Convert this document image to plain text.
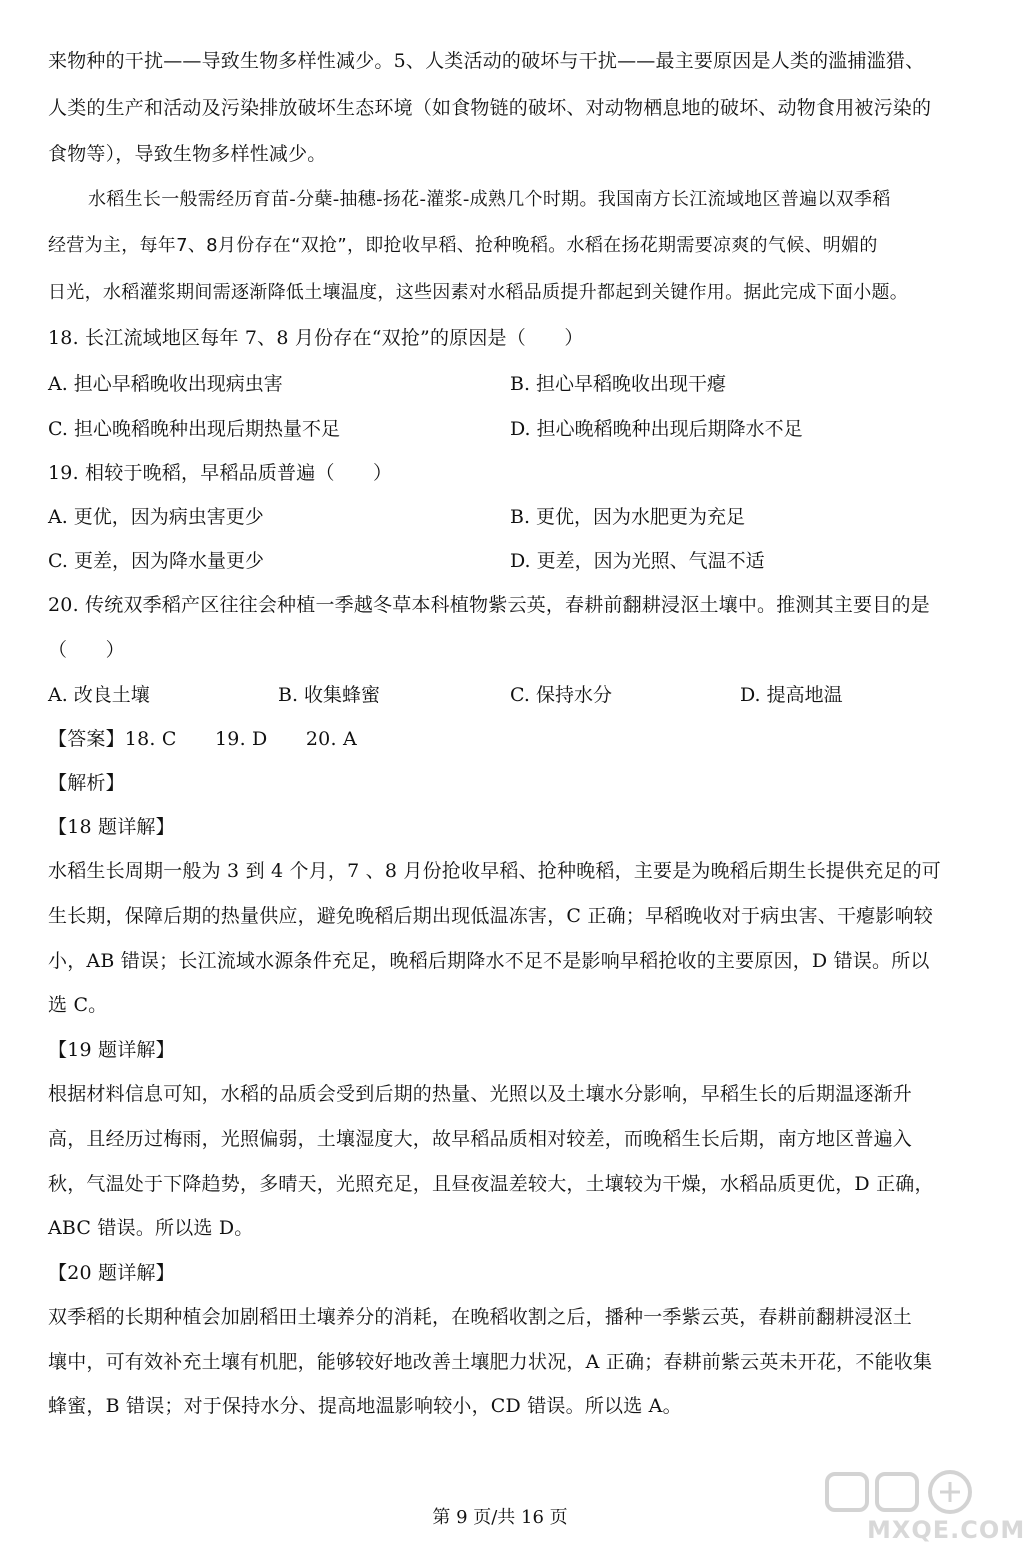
来物种的干扰——导致生物多样性减少。5、人类活动的破坏与干扰——最主要原因是人类的滥捕滥猎、
人类的生产和活动及污染排放破坏生态环境（如食物链的破坏、对动物栖息地的破坏、动物食用被污染的
食物等），导致生物多样性减少。
水稻生长一般需经历育苗-分蘖-抽穗-扬花-灌浆-成熟几个时期。我国南方长江流域地区普遍以双季稻
经营为主，每年7、8月份存在“双抢”，即抢收早稻、抢种晚稻。水稻在扬花期需要凉爽的气候、明媚的
日光，水稻灌浆期间需逐渐降低土壤温度，这些因素对水稻品质提升都起到关键作用。据此完成下面小题。
18. 长江流域地区每年 7、8 月份存在“双抢”的原因是（　　）
A. 担心早稻晚收出现病虫害	B. 担心早稻晚收出现干瘪
C. 担心晚稻晚种出现后期热量不足	D. 担心晚稻晚种出现后期降水不足
19. 相较于晚稻，早稻品质普遍（　　）
A. 更优，因为病虫害更少	B. 更优，因为水肥更为充足
C. 更差，因为降水量更少	D. 更差，因为光照、气温不适
20. 传统双季稻产区往往会种植一季越冬草本科植物紫云英，春耕前翻耕浸沤土壤中。推测其主要目的是
（　　）
A. 改良土壤	B. 收集蜂蜜	C. 保持水分	D. 提高地温
【答案】18. C　　19. D　　20. A
【解析】
【18 题详解】
水稻生长周期一般为 3 到 4 个月，7 、8 月份抢收早稻、抢种晚稻，主要是为晚稻后期生长提供充足的可
生长期，保障后期的热量供应，避免晚稻后期出现低温冻害，C 正确；早稻晚收对于病虫害、干瘪影响较
小，AB 错误；长江流域水源条件充足，晚稻后期降水不足不是影响早稻抢收的主要原因，D 错误。所以
选 C。
【19 题详解】
根据材料信息可知，水稻的品质会受到后期的热量、光照以及土壤水分影响，早稻生长的后期温逐渐升
高，且经历过梅雨，光照偏弱，土壤湿度大，故早稻品质相对较差，而晚稻生长后期，南方地区普遍入
秋，气温处于下降趋势，多晴天，光照充足，且昼夜温差较大，土壤较为干燥，水稻品质更优，D 正确，
ABC 错误。所以选 D。
【20 题详解】
双季稻的长期种植会加剧稻田土壤养分的消耗，在晚稻收割之后，播种一季紫云英，春耕前翻耕浸沤土
壤中，可有效补充土壤有机肥，能够较好地改善土壤肥力状况，A 正确；春耕前紫云英未开花，不能收集
蜂蜜，B 错误；对于保持水分、提高地温影响较小，CD 错误。所以选 A。
第 9 页/共 16 页	MXQE.COM
